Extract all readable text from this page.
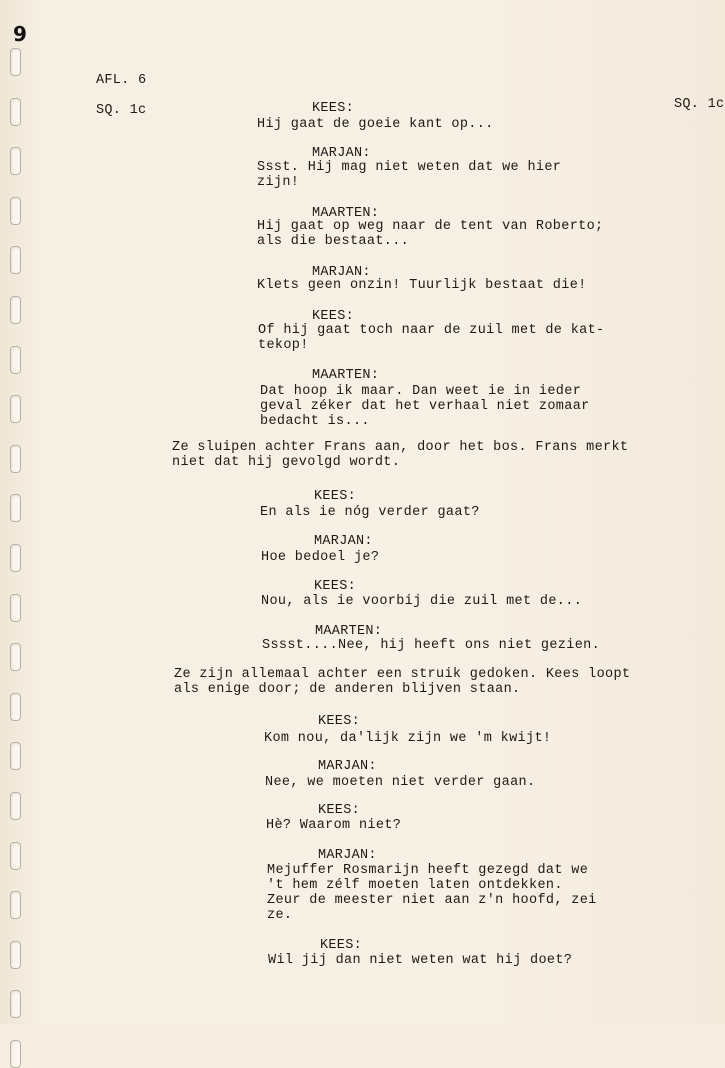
9
AFL. 6
SQ. 1c	SQ. 1c
KEES:
Hij gaat de goeie kant op...
MARJAN:
Ssst. Hij mag niet weten dat we hier
zijn!
MAARTEN:
Hij gaat op weg naar de tent van Roberto;
als die bestaat...
MARJAN:
Klets geen onzin! Tuurlijk bestaat die!
KEES:
Of hij gaat toch naar de zuil met de kat-
tekop!
MAARTEN:
Dat hoop ik maar. Dan weet ie in ieder
geval zéker dat het verhaal niet zomaar
bedacht is...
Ze sluipen achter Frans aan, door het bos. Frans merkt
niet dat hij gevolgd wordt.
KEES:
En als ie nóg verder gaat?
MARJAN:
Hoe bedoel je?
KEES:
Nou, als ie voorbij die zuil met de...
MAARTEN:
Sssst....Nee, hij heeft ons niet gezien.
Ze zijn allemaal achter een struik gedoken. Kees loopt
als enige door; de anderen blijven staan.
KEES:
Kom nou, da'lijk zijn we 'm kwijt!
MARJAN:
Nee, we moeten niet verder gaan.
KEES:
Hè? Waarom niet?
MARJAN:
Mejuffer Rosmarijn heeft gezegd dat we
't hem zélf moeten laten ontdekken.
Zeur de meester niet aan z'n hoofd, zei
ze.
KEES:
Wil jij dan niet weten wat hij doet?
